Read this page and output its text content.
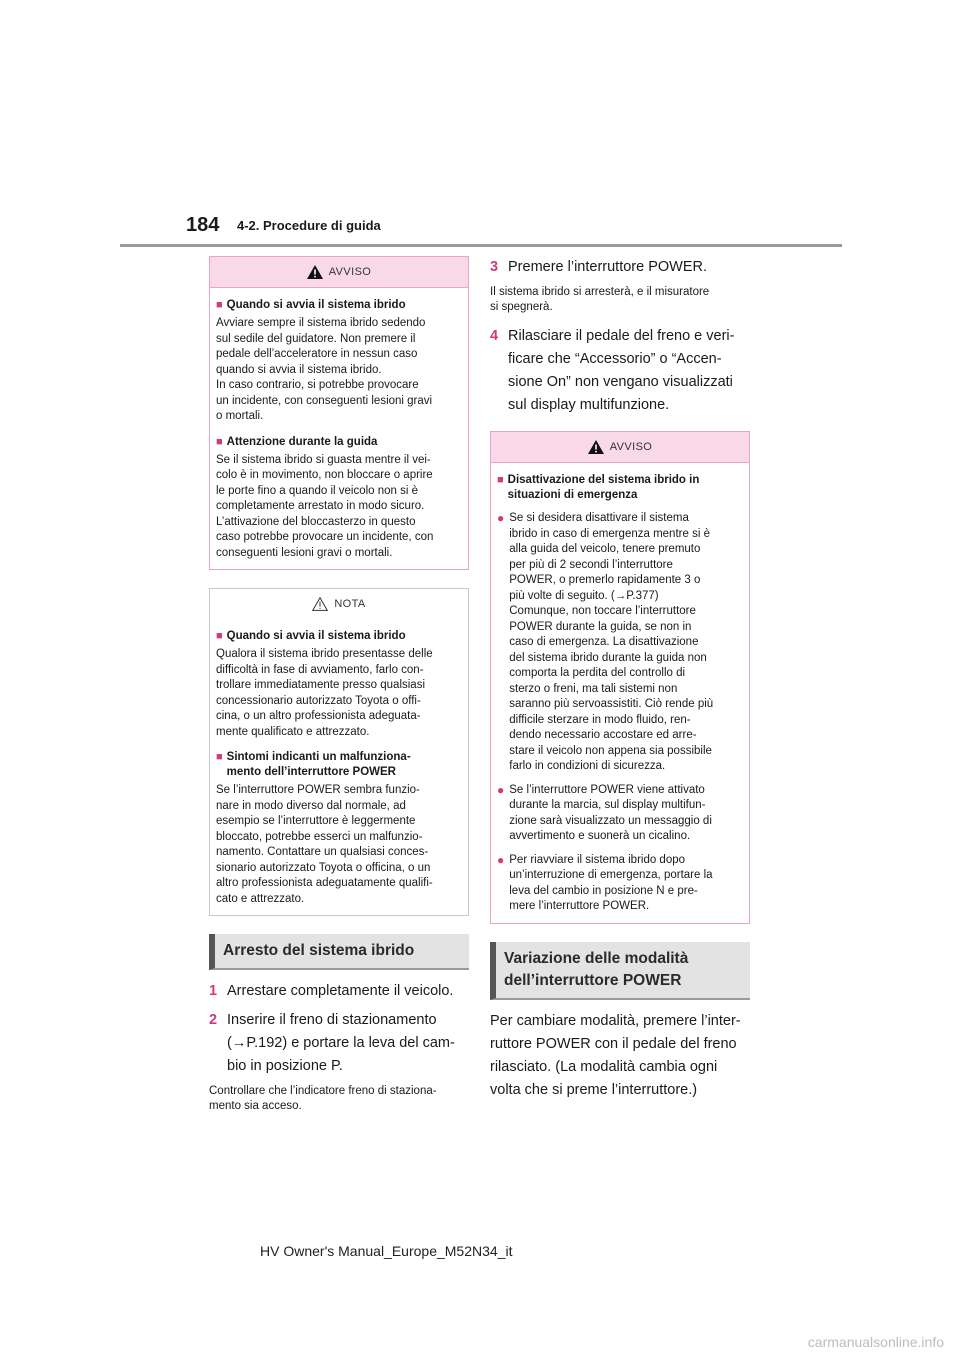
184 4-2. Procedure di guida
AVVISO
■ Quando si avvia il sistema ibrido
Avviare sempre il sistema ibrido sedendo
sul sedile del guidatore. Non premere il
pedale dell’acceleratore in nessun caso
quando si avvia il sistema ibrido.
In caso contrario, si potrebbe provocare
un incidente, con conseguenti lesioni gravi
o mortali.
■ Attenzione durante la guida
Se il sistema ibrido si guasta mentre il vei-
colo è in movimento, non bloccare o aprire
le porte fino a quando il veicolo non si è
completamente arrestato in modo sicuro.
L’attivazione del bloccasterzo in questo
caso potrebbe provocare un incidente, con
conseguenti lesioni gravi o mortali.
NOTA
■ Quando si avvia il sistema ibrido
Qualora il sistema ibrido presentasse delle
difficoltà in fase di avviamento, farlo con-
trollare immediatamente presso qualsiasi
concessionario autorizzato Toyota o offi-
cina, o un altro professionista adeguata-
mente qualificato e attrezzato.
■ Sintomi indicanti un malfunziona-
mento dell’interruttore POWER
Se l’interruttore POWER sembra funzio-
nare in modo diverso dal normale, ad
esempio se l’interruttore è leggermente
bloccato, potrebbe esserci un malfunzio-
namento. Contattare un qualsiasi conces-
sionario autorizzato Toyota o officina, o un
altro professionista adeguatamente qualifi-
cato e attrezzato.
Arresto del sistema ibrido
1 Arrestare completamente il veicolo.
2 Inserire il freno di stazionamento
(→P.192) e portare la leva del cam-
bio in posizione P.
Controllare che l’indicatore freno di staziona-
mento sia acceso.
3 Premere l’interruttore POWER.
Il sistema ibrido si arresterà, e il misuratore
si spegnerà.
4 Rilasciare il pedale del freno e veri-
ficare che “Accessorio” o “Accen-
sione On” non vengano visualizzati
sul display multifunzione.
AVVISO
■ Disattivazione del sistema ibrido in
situazioni di emergenza
● Se si desidera disattivare il sistema
ibrido in caso di emergenza mentre si è
alla guida del veicolo, tenere premuto
per più di 2 secondi l’interruttore
POWER, o premerlo rapidamente 3 o
più volte di seguito. (→P.377)
Comunque, non toccare l’interruttore
POWER durante la guida, se non in
caso di emergenza. La disattivazione
del sistema ibrido durante la guida non
comporta la perdita del controllo di
sterzo o freni, ma tali sistemi non
saranno più servoassistiti. Ciò rende più
difficile sterzare in modo fluido, ren-
dendo necessario accostare ed arre-
stare il veicolo non appena sia possibile
farlo in condizioni di sicurezza.
● Se l’interruttore POWER viene attivato
durante la marcia, sul display multifun-
zione sarà visualizzato un messaggio di
avvertimento e suonerà un cicalino.
● Per riavviare il sistema ibrido dopo
un’interruzione di emergenza, portare la
leva del cambio in posizione N e pre-
mere l’interruttore POWER.
Variazione delle modalità
dell’interruttore POWER
Per cambiare modalità, premere l’inter-
ruttore POWER con il pedale del freno
rilasciato. (La modalità cambia ogni
volta che si preme l’interruttore.)
HV Owner's Manual_Europe_M52N34_it
carmanualsonline.info
